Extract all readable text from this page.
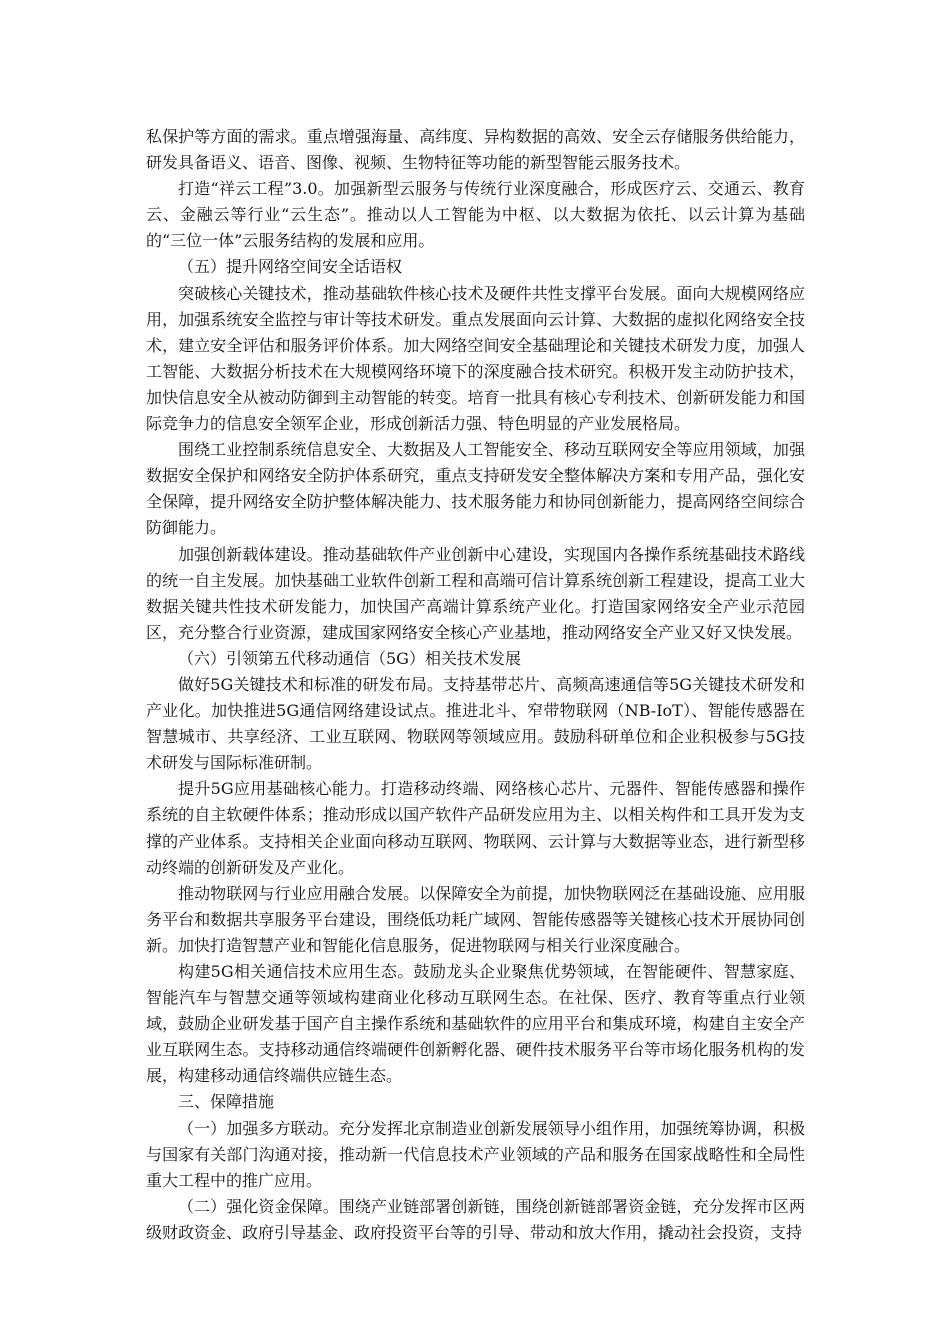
私保护等方面的需求。重点增强海量、高纬度、异构数据的高效、安全云存储服务供给能力，研发具备语义、语音、图像、视频、生物特征等功能的新型智能云服务技术。

打造“祥云工程”3.0。加强新型云服务与传统行业深度融合，形成医疗云、交通云、教育云、金融云等行业“云生态”。推动以人工智能为中枢、以大数据为依托、以云计算为基础的“三位一体”云服务结构的发展和应用。

（五）提升网络空间安全话语权

突破核心关键技术，推动基础软件核心技术及硬件共性支撑平台发展。面向大规模网络应用，加强系统安全监控与审计等技术研发。重点发展面向云计算、大数据的虚拟化网络安全技术，建立安全评估和服务评价体系。加大网络空间安全基础理论和关键技术研发力度，加强人工智能、大数据分析技术在大规模网络环境下的深度融合技术研究。积极开发主动防护技术，加快信息安全从被动防御到主动智能的转变。培育一批具有核心专利技术、创新研发能力和国际竞争力的信息安全领军企业，形成创新活力强、特色明显的产业发展格局。

围绕工业控制系统信息安全、大数据及人工智能安全、移动互联网安全等应用领域，加强数据安全保护和网络安全防护体系研究，重点支持研发安全整体解决方案和专用产品，强化安全保障，提升网络安全防护整体解决能力、技术服务能力和协同创新能力，提高网络空间综合防御能力。

加强创新载体建设。推动基础软件产业创新中心建设，实现国内各操作系统基础技术路线的统一自主发展。加快基础工业软件创新工程和高端可信计算系统创新工程建设，提高工业大数据关键共性技术研发能力，加快国产高端计算系统产业化。打造国家网络安全产业示范园区，充分整合行业资源，建成国家网络安全核心产业基地，推动网络安全产业又好又快发展。

（六）引领第五代移动通信（5G）相关技术发展

做好5G关键技术和标准的研发布局。支持基带芯片、高频高速通信等5G关键技术研发和产业化。加快推进5G通信网络建设试点。推进北斗、窄带物联网（NB-IoT）、智能传感器在智慧城市、共享经济、工业互联网、物联网等领域应用。鼓励科研单位和企业积极参与5G技术研发与国际标准研制。

提升5G应用基础核心能力。打造移动终端、网络核心芯片、元器件、智能传感器和操作系统的自主软硬件体系；推动形成以国产软件产品研发应用为主、以相关构件和工具开发为支撑的产业体系。支持相关企业面向移动互联网、物联网、云计算与大数据等业态，进行新型移动终端的创新研发及产业化。

推动物联网与行业应用融合发展。以保障安全为前提，加快物联网泛在基础设施、应用服务平台和数据共享服务平台建设，围绕低功耗广域网、智能传感器等关键核心技术开展协同创新。加快打造智慧产业和智能化信息服务，促进物联网与相关行业深度融合。

构建5G相关通信技术应用生态。鼓励龙头企业聚焦优势领域，在智能硬件、智慧家庭、智能汽车与智慧交通等领域构建商业化移动互联网生态。在社保、医疗、教育等重点行业领域，鼓励企业研发基于国产自主操作系统和基础软件的应用平台和集成环境，构建自主安全产业互联网生态。支持移动通信终端硬件创新孵化器、硬件技术服务平台等市场化服务机构的发展，构建移动通信终端供应链生态。

三、保障措施

（一）加强多方联动。充分发挥北京制造业创新发展领导小组作用，加强统筹协调，积极与国家有关部门沟通对接，推动新一代信息技术产业领域的产品和服务在国家战略性和全局性重大工程中的推广应用。

（二）强化资金保障。围绕产业链部署创新链，围绕创新链部署资金链，充分发挥市区两级财政资金、政府引导基金、政府投资平台等的引导、带动和放大作用，撬动社会投资，支持
